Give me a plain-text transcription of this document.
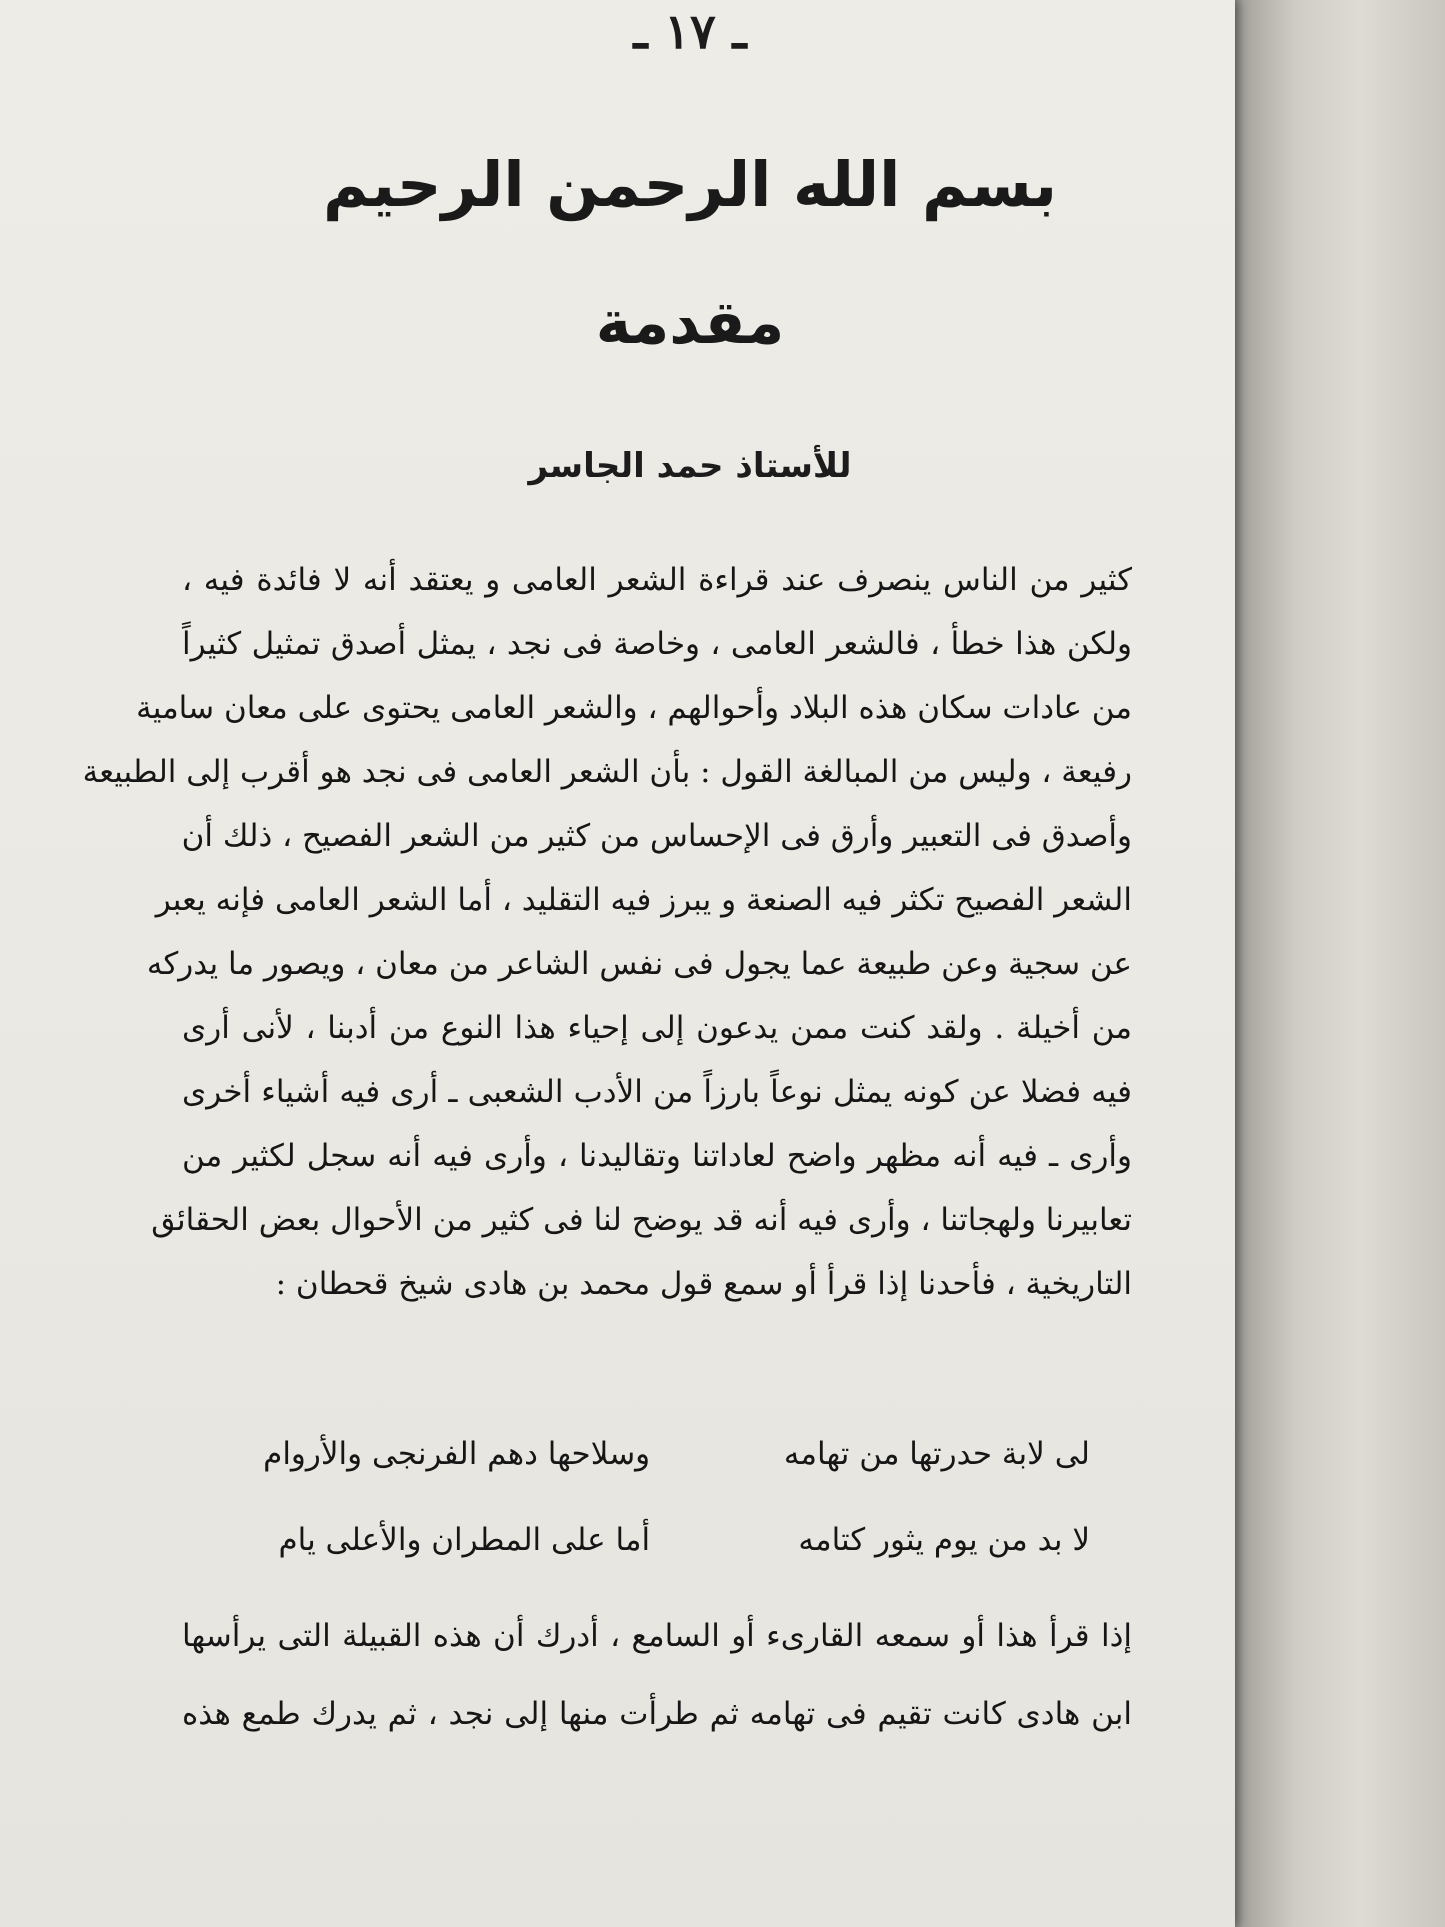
ـ ١٧ ـ
بسم الله الرحمن الرحيم
مقدمة
للأستاذ حمد الجاسر
كثير من الناس ينصرف عند قراءة الشعر العامى و يعتقد أنه لا فائدة فيه ،
ولكن هذا خطأ ، فالشعر العامى ، وخاصة فى نجد ، يمثل أصدق تمثيل كثيراً
من عادات سكان هذه البلاد وأحوالهم ، والشعر العامى يحتوى على معان سامية
رفيعة ، وليس من المبالغة القول : بأن الشعر العامى فى نجد هو أقرب إلى الطبيعة
وأصدق فى التعبير وأرق فى الإحساس من كثير من الشعر الفصيح ، ذلك أن
الشعر الفصيح تكثر فيه الصنعة و يبرز فيه التقليد ، أما الشعر العامى فإنه يعبر
عن سجية وعن طبيعة عما يجول فى نفس الشاعر من معان ، ويصور ما يدركه
من أخيلة . ولقد كنت ممن يدعون إلى إحياء هذا النوع من أدبنا ، لأنى أرى
فيه فضلا عن كونه يمثل نوعاً بارزاً من الأدب الشعبى ـ أرى فيه أشياء أخرى
وأرى ـ فيه أنه مظهر واضح لعاداتنا وتقاليدنا ، وأرى فيه أنه سجل لكثير من
تعابيرنا ولهجاتنا ، وأرى فيه أنه قد يوضح لنا فى كثير من الأحوال بعض الحقائق
التاريخية ، فأحدنا إذا قرأ أو سمع قول محمد بن هادى شيخ قحطان :
لى لابة حدرتها من تهامه وسلاحها دهم الفرنجى والأروام
لا بد من يوم يثور كتامه أما على المطران والأعلى يام
إذا قرأ هذا أو سمعه القارىء أو السامع ، أدرك أن هذه القبيلة التى يرأسها
ابن هادى كانت تقيم فى تهامه ثم طرأت منها إلى نجد ، ثم يدرك طمع هذه
